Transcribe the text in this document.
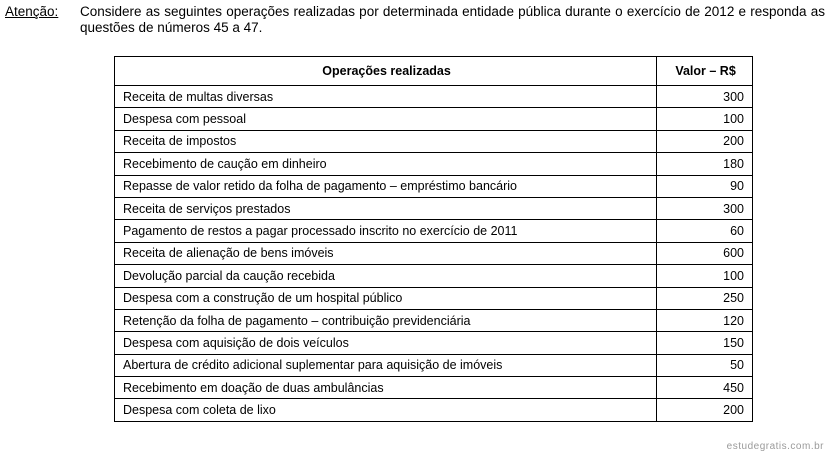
Atenção: Considere as seguintes operações realizadas por determinada entidade pública durante o exercício de 2012 e responda as questões de números 45 a 47.
Operações realizadas	Valor – R$
Receita de multas diversas	300
Despesa com pessoal	100
Receita de impostos	200
Recebimento de caução em dinheiro	180
Repasse de valor retido da folha de pagamento – empréstimo bancário	90
Receita de serviços prestados	300
Pagamento de restos a pagar processado inscrito no exercício de 2011	60
Receita de alienação de bens imóveis	600
Devolução parcial da caução recebida	100
Despesa com a construção de um hospital público	250
Retenção da folha de pagamento – contribuição previdenciária	120
Despesa com aquisição de dois veículos	150
Abertura de crédito adicional suplementar para aquisição de imóveis	50
Recebimento em doação de duas ambulâncias	450
Despesa com coleta de lixo	200
estudegratis.com.br
